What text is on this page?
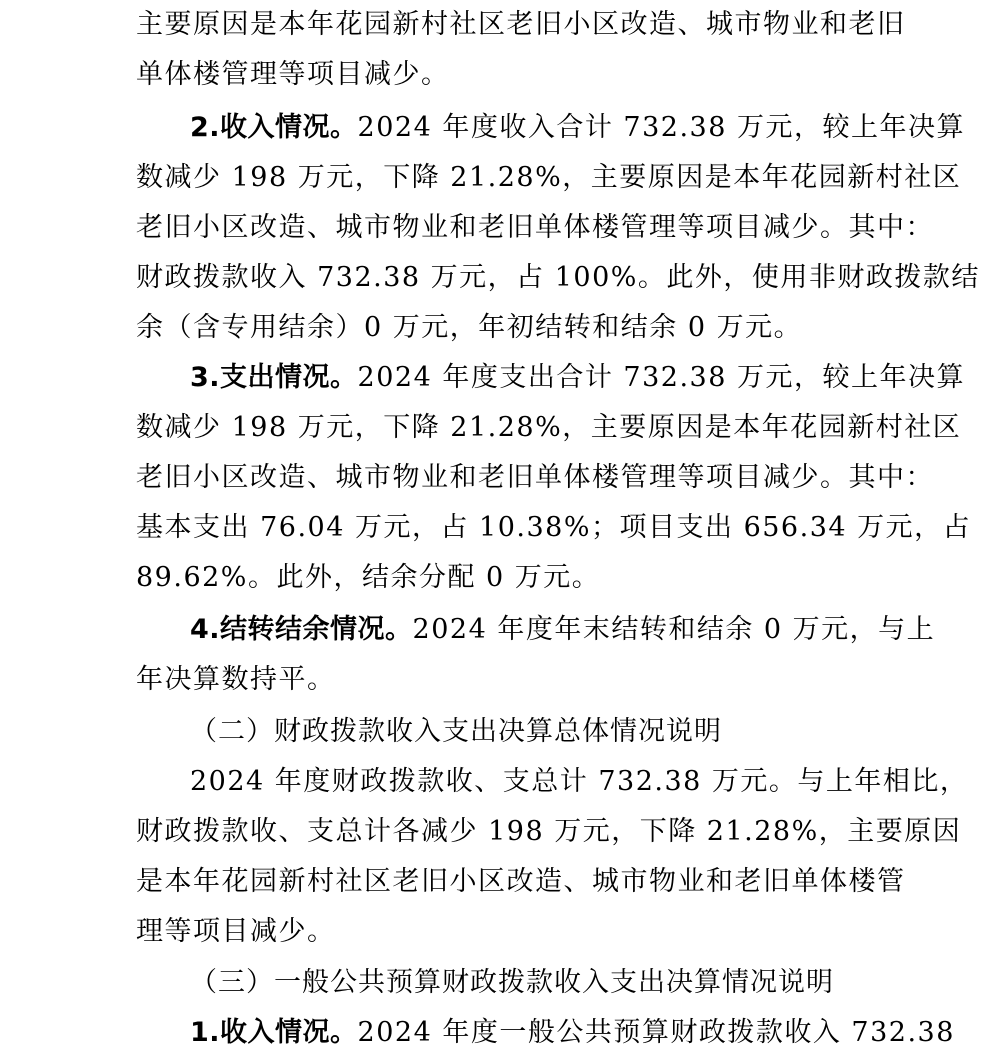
主要原因是本年花园新村社区老旧小区改造、城市物业和老旧
单体楼管理等项目减少。
2.收入情况。2024 年度收入合计 732.38 万元，较上年决算
数减少 198 万元，下降 21.28%，主要原因是本年花园新村社区
老旧小区改造、城市物业和老旧单体楼管理等项目减少。其中：
财政拨款收入 732.38 万元，占 100%。此外，使用非财政拨款结
余（含专用结余）0 万元，年初结转和结余 0 万元。
3.支出情况。2024 年度支出合计 732.38 万元，较上年决算
数减少 198 万元，下降 21.28%，主要原因是本年花园新村社区
老旧小区改造、城市物业和老旧单体楼管理等项目减少。其中：
基本支出 76.04 万元，占 10.38%；项目支出 656.34 万元，占
89.62%。此外，结余分配 0 万元。
4.结转结余情况。2024 年度年末结转和结余 0 万元，与上
年决算数持平。
（二）财政拨款收入支出决算总体情况说明
2024 年度财政拨款收、支总计 732.38 万元。与上年相比，
财政拨款收、支总计各减少 198 万元，下降 21.28%，主要原因
是本年花园新村社区老旧小区改造、城市物业和老旧单体楼管
理等项目减少。
（三）一般公共预算财政拨款收入支出决算情况说明
1.收入情况。2024 年度一般公共预算财政拨款收入 732.38
